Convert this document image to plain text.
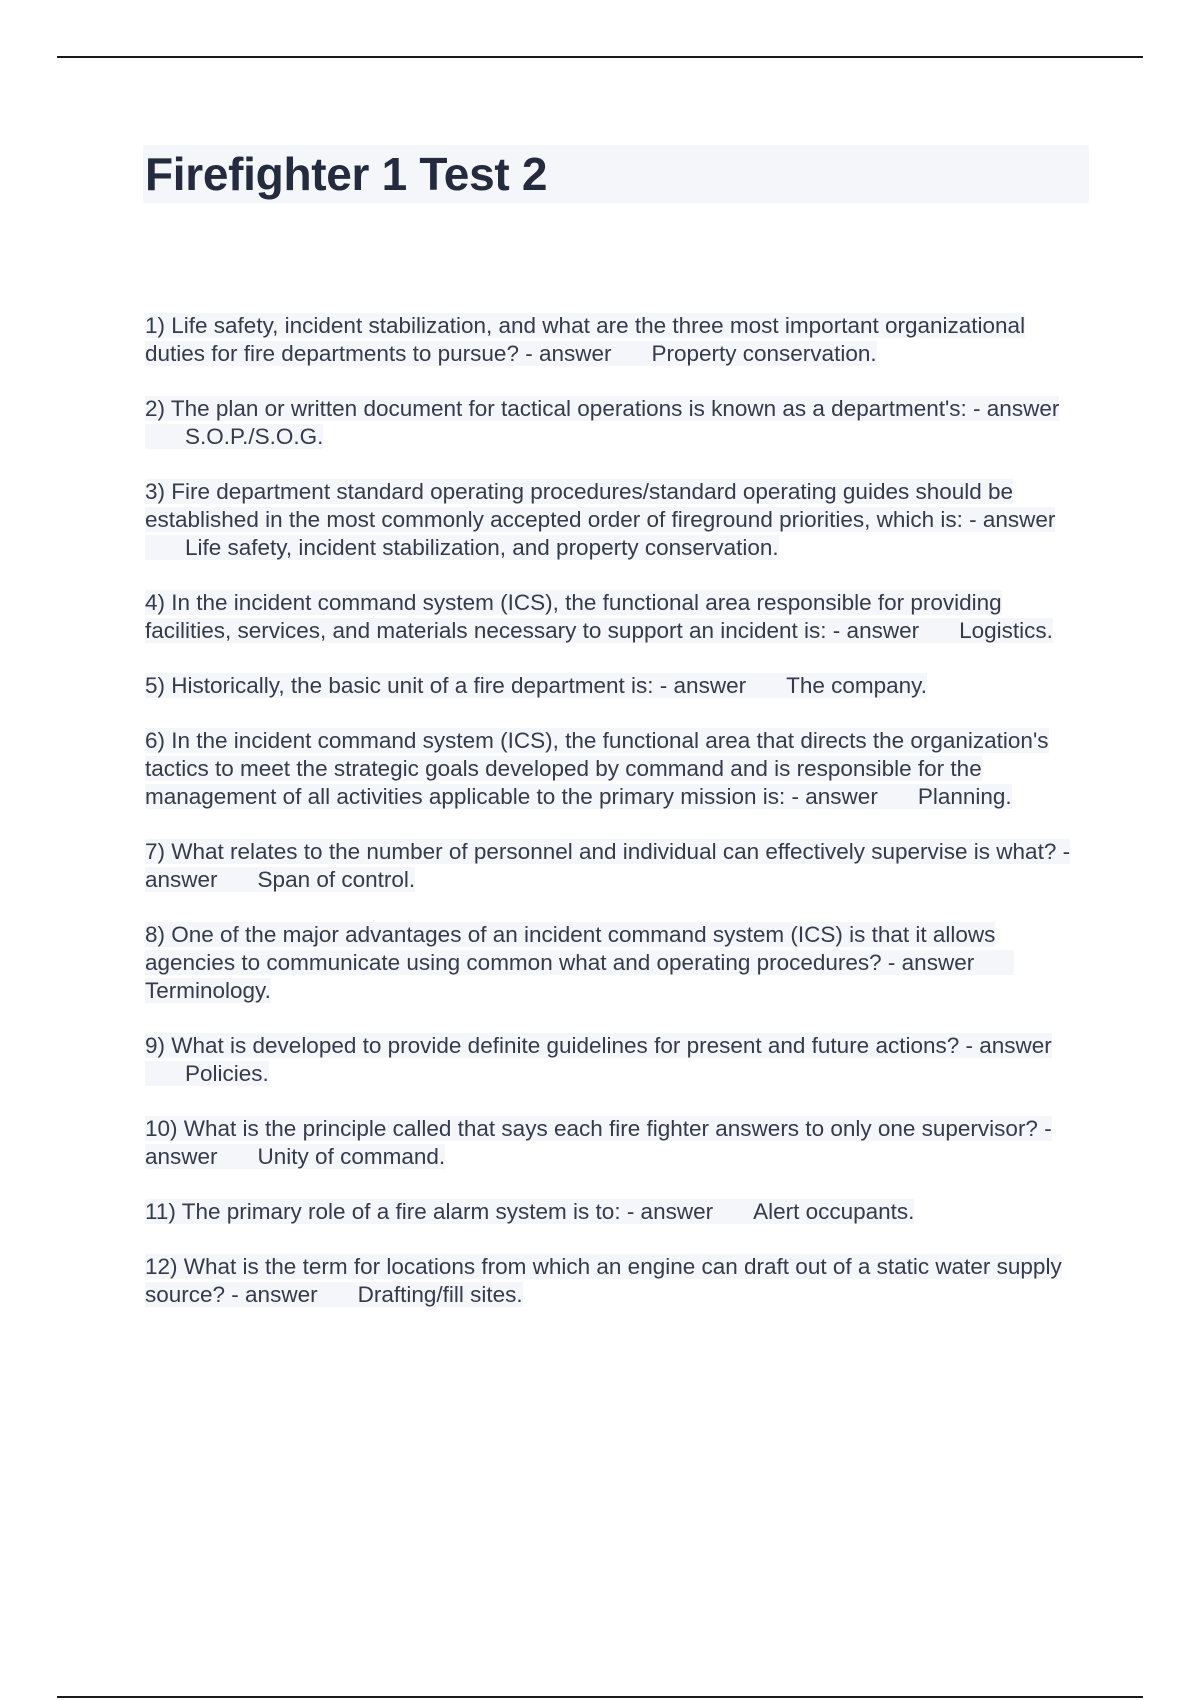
Firefighter 1 Test 2

1) Life safety, incident stabilization, and what are the three most important organizational duties for fire departments to pursue? - answer Property conservation.

2) The plan or written document for tactical operations is known as a department's: - answerS.O.P./S.O.G.

3) Fire department standard operating procedures/standard operating guides should be established in the most commonly accepted order of fireground priorities, which is: - answerLife safety, incident stabilization, and property conservation.

4) In the incident command system (ICS), the functional area responsible for providing facilities, services, and materials necessary to support an incident is: - answer Logistics.

5) Historically, the basic unit of a fire department is: - answer The company.

6) In the incident command system (ICS), the functional area that directs the organization's tactics to meet the strategic goals developed by command and is responsible for the management of all activities applicable to the primary mission is: - answer Planning.

7) What relates to the number of personnel and individual can effectively supervise is what? - answer Span of control.

8) One of the major advantages of an incident command system (ICS) is that it allows agencies to communicate using common what and operating procedures? - answerTerminology.

9) What is developed to provide definite guidelines for present and future actions? - answerPolicies.

10) What is the principle called that says each fire fighter answers to only one supervisor? - answer Unity of command.

11) The primary role of a fire alarm system is to: - answer Alert occupants.

12) What is the term for locations from which an engine can draft out of a static water supply source? - answer Drafting/fill sites.
